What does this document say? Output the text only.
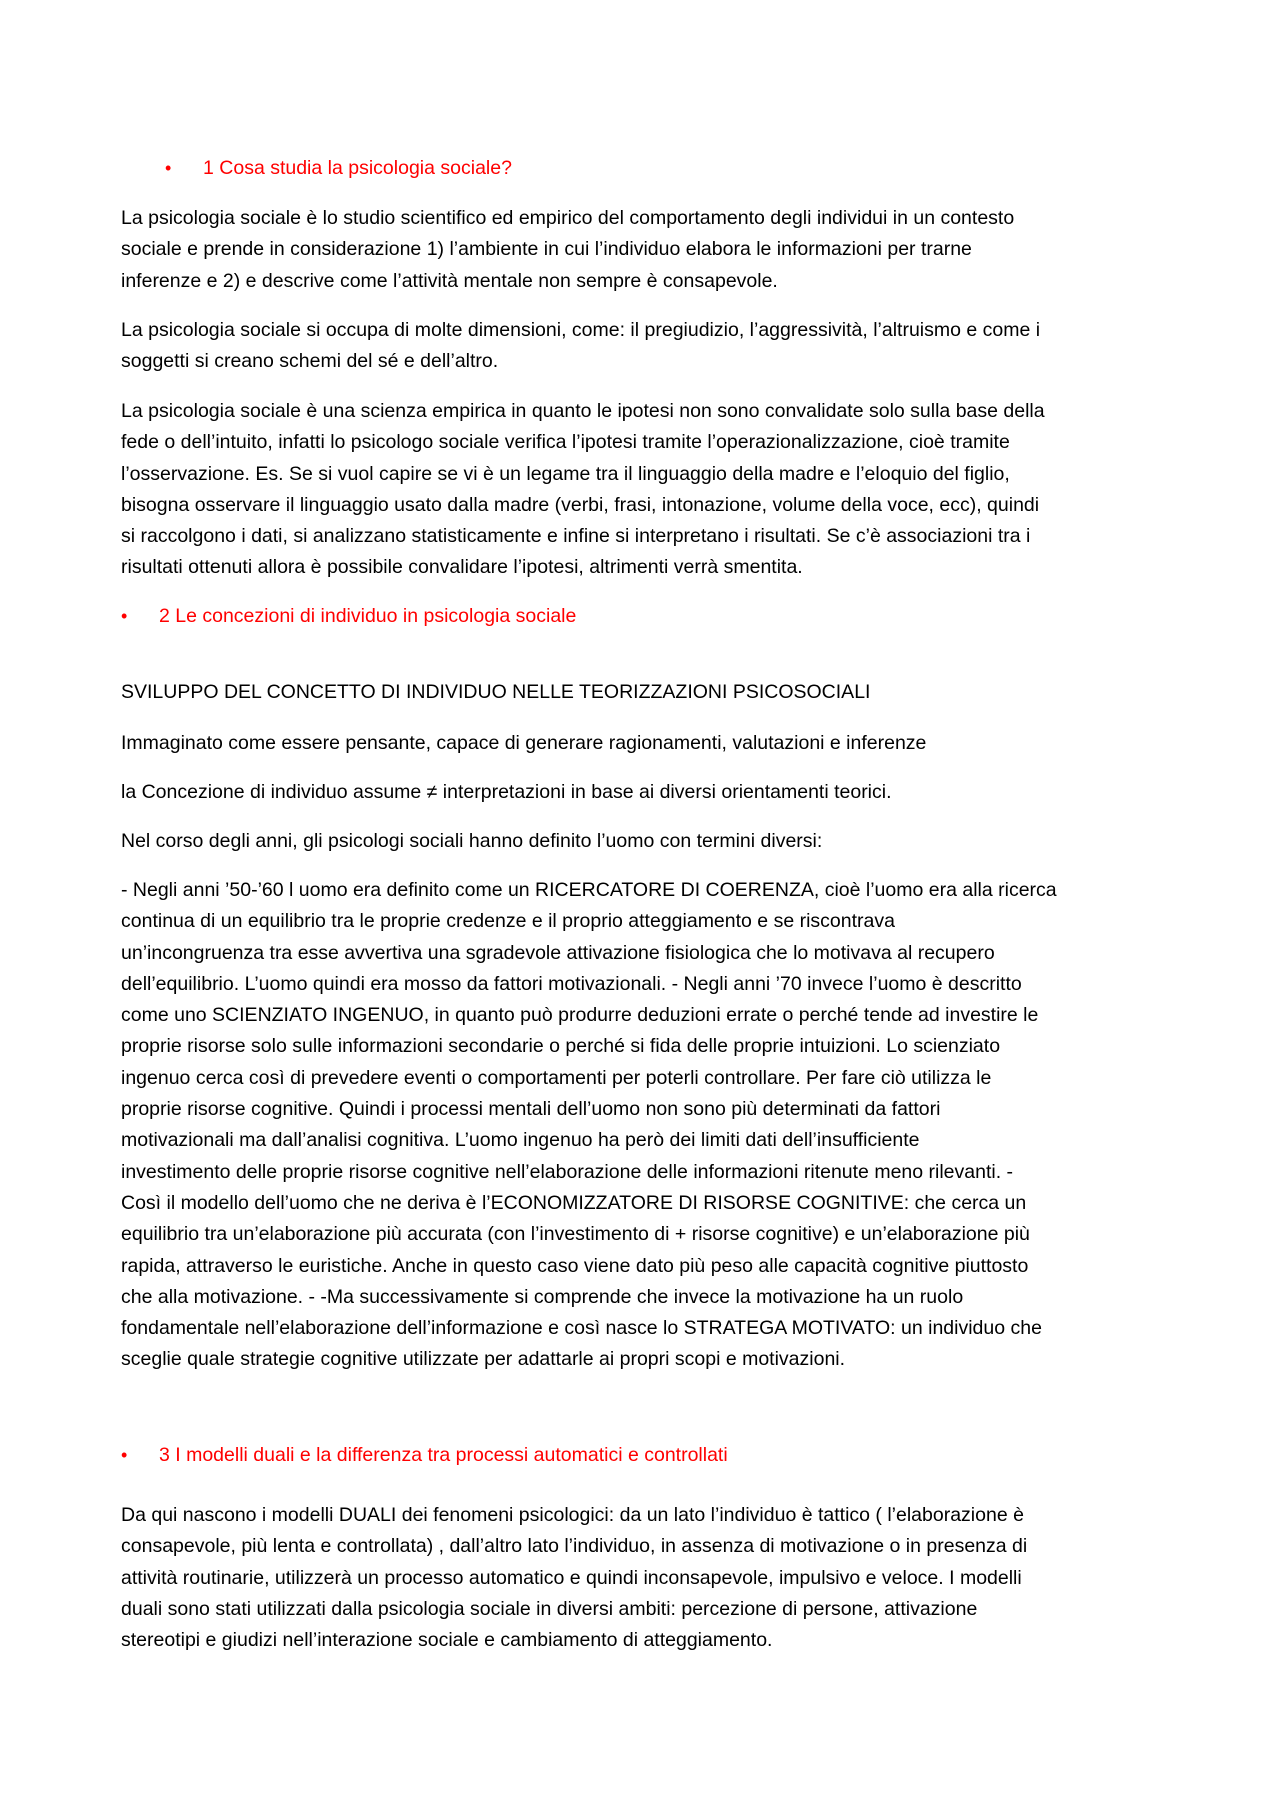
• 1 Cosa studia la psicologia sociale?
La psicologia sociale è lo studio scientifico ed empirico del comportamento degli individui in un contesto
sociale e prende in considerazione 1) l’ambiente in cui l’individuo elabora le informazioni per trarne
inferenze e 2) e descrive come l’attività mentale non sempre è consapevole.
La psicologia sociale si occupa di molte dimensioni, come: il pregiudizio, l’aggressività, l’altruismo e come i
soggetti si creano schemi del sé e dell’altro.
La psicologia sociale è una scienza empirica in quanto le ipotesi non sono convalidate solo sulla base della
fede o dell’intuito, infatti lo psicologo sociale verifica l’ipotesi tramite l’operazionalizzazione, cioè tramite
l’osservazione. Es. Se si vuol capire se vi è un legame tra il linguaggio della madre e l’eloquio del figlio,
bisogna osservare il linguaggio usato dalla madre (verbi, frasi, intonazione, volume della voce, ecc), quindi
si raccolgono i dati, si analizzano statisticamente e infine si interpretano i risultati. Se c’è associazioni tra i
risultati ottenuti allora è possibile convalidare l’ipotesi, altrimenti verrà smentita.
• 2 Le concezioni di individuo in psicologia sociale
SVILUPPO DEL CONCETTO DI INDIVIDUO NELLE TEORIZZAZIONI PSICOSOCIALI
Immaginato come essere pensante, capace di generare ragionamenti, valutazioni e inferenze
la Concezione di individuo assume ≠ interpretazioni in base ai diversi orientamenti teorici.
Nel corso degli anni, gli psicologi sociali hanno definito l’uomo con termini diversi:
- Negli anni ’50-’60 l uomo era definito come un RICERCATORE DI COERENZA, cioè l’uomo era alla ricerca
continua di un equilibrio tra le proprie credenze e il proprio atteggiamento e se riscontrava
un’incongruenza tra esse avvertiva una sgradevole attivazione fisiologica che lo motivava al recupero
dell’equilibrio. L’uomo quindi era mosso da fattori motivazionali. - Negli anni ’70 invece l’uomo è descritto
come uno SCIENZIATO INGENUO, in quanto può produrre deduzioni errate o perché tende ad investire le
proprie risorse solo sulle informazioni secondarie o perché si fida delle proprie intuizioni. Lo scienziato
ingenuo cerca così di prevedere eventi o comportamenti per poterli controllare. Per fare ciò utilizza le
proprie risorse cognitive. Quindi i processi mentali dell’uomo non sono più determinati da fattori
motivazionali ma dall’analisi cognitiva. L’uomo ingenuo ha però dei limiti dati dell’insufficiente
investimento delle proprie risorse cognitive nell’elaborazione delle informazioni ritenute meno rilevanti. -
Così il modello dell’uomo che ne deriva è l’ECONOMIZZATORE DI RISORSE COGNITIVE: che cerca un
equilibrio tra un’elaborazione più accurata (con l’investimento di + risorse cognitive) e un’elaborazione più
rapida, attraverso le euristiche. Anche in questo caso viene dato più peso alle capacità cognitive piuttosto
che alla motivazione. - -Ma successivamente si comprende che invece la motivazione ha un ruolo
fondamentale nell’elaborazione dell’informazione e così nasce lo STRATEGA MOTIVATO: un individuo che
sceglie quale strategie cognitive utilizzate per adattarle ai propri scopi e motivazioni.
• 3 I modelli duali e la differenza tra processi automatici e controllati
Da qui nascono i modelli DUALI dei fenomeni psicologici: da un lato l’individuo è tattico ( l’elaborazione è
consapevole, più lenta e controllata) , dall’altro lato l’individuo, in assenza di motivazione o in presenza di
attività routinarie, utilizzerà un processo automatico e quindi inconsapevole, impulsivo e veloce. I modelli
duali sono stati utilizzati dalla psicologia sociale in diversi ambiti: percezione di persone, attivazione
stereotipi e giudizi nell’interazione sociale e cambiamento di atteggiamento.
